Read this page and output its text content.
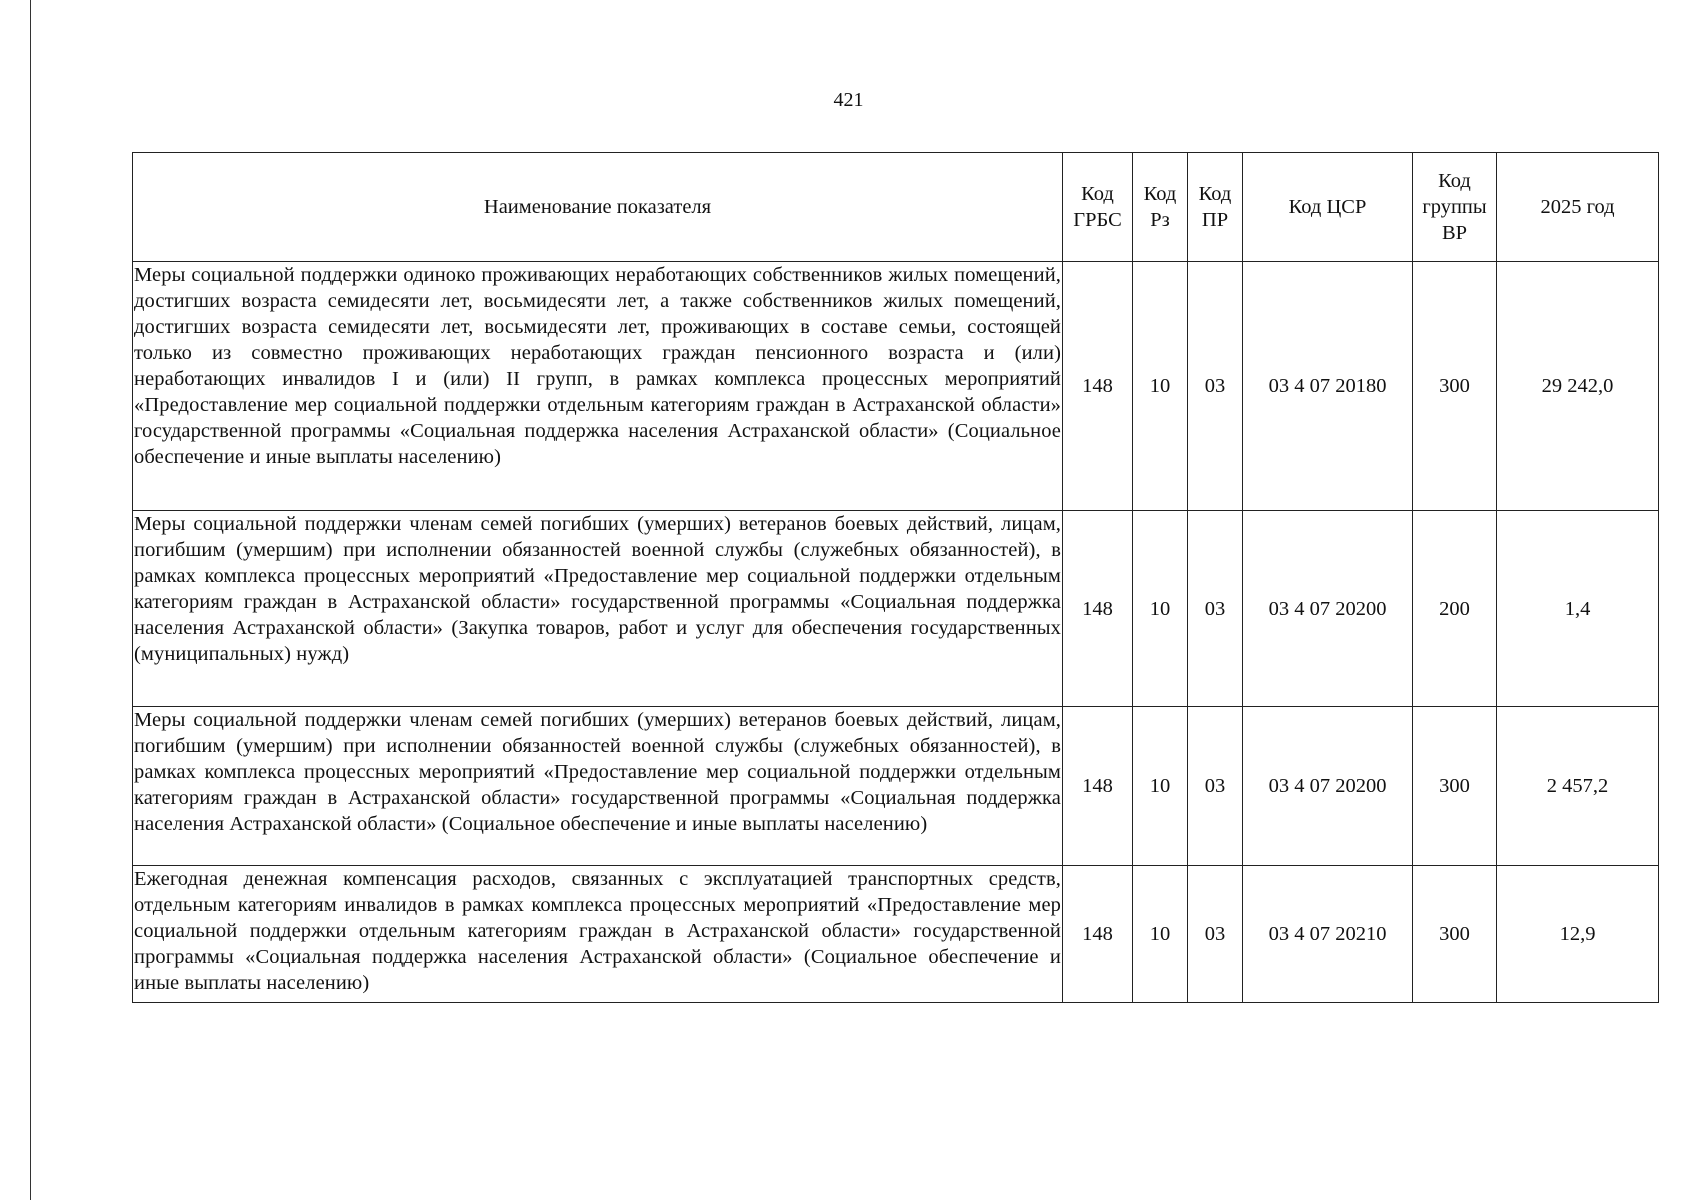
421
Наименование показателя	Код ГРБС	Код Рз	Код ПР	Код ЦСР	Код группы ВР	2025 год
Меры социальной поддержки одиноко проживающих неработающих собственников жилых помещений, достигших возраста семидесяти лет, восьмидесяти лет, а также собственников жилых помещений, достигших возраста семидесяти лет, восьмидесяти лет, проживающих в составе семьи, состоящей только из совместно проживающих неработающих граждан пенсионного возраста и (или) неработающих инвалидов I и (или) II групп, в рамках комплекса процессных мероприятий «Предоставление мер социальной поддержки отдельным категориям граждан в Астраханской области» государственной программы «Социальная поддержка населения Астраханской области» (Социальное обеспечение и иные выплаты населению)	148	10	03	03 4 07 20180	300	29 242,0
Меры социальной поддержки членам семей погибших (умерших) ветеранов боевых действий, лицам, погибшим (умершим) при исполнении обязанностей военной службы (служебных обязанностей), в рамках комплекса процессных мероприятий «Предоставление мер социальной поддержки отдельным категориям граждан в Астраханской области» государственной программы «Социальная поддержка населения Астраханской области» (Закупка товаров, работ и услуг для обеспечения государственных (муниципальных) нужд)	148	10	03	03 4 07 20200	200	1,4
Меры социальной поддержки членам семей погибших (умерших) ветеранов боевых действий, лицам, погибшим (умершим) при исполнении обязанностей военной службы (служебных обязанностей), в рамках комплекса процессных мероприятий «Предоставление мер социальной поддержки отдельным категориям граждан в Астраханской области» государственной программы «Социальная поддержка населения Астраханской области» (Социальное обеспечение и иные выплаты населению)	148	10	03	03 4 07 20200	300	2 457,2
Ежегодная денежная компенсация расходов, связанных с эксплуатацией транспортных средств, отдельным категориям инвалидов в рамках комплекса процессных мероприятий «Предоставление мер социальной поддержки отдельным категориям граждан в Астраханской области» государственной программы «Социальная поддержка населения Астраханской области» (Социальное обеспечение и иные выплаты населению)	148	10	03	03 4 07 20210	300	12,9
